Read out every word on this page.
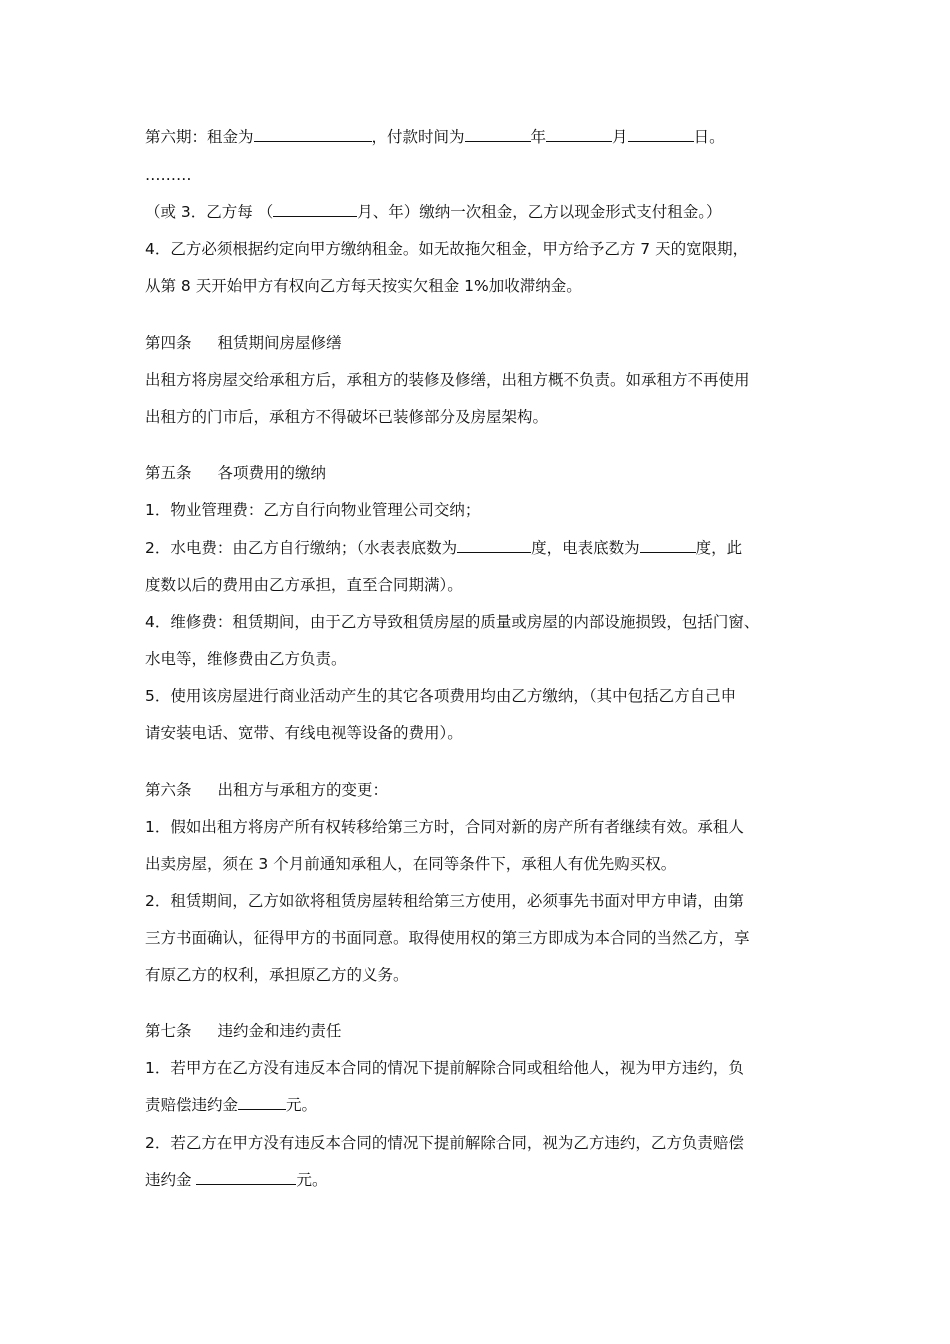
第六期：租金为	，付款时间为	年	月	日。
………
（或 3．乙方每 （	月、年）缴纳一次租金，乙方以现金形式支付租金。）
4．乙方必须根据约定向甲方缴纳租金。如无故拖欠租金，甲方给予乙方 7 天的宽限期，
从第 8 天开始甲方有权向乙方每天按实欠租金 1%加收滞纳金。
第四条 租赁期间房屋修缮
出租方将房屋交给承租方后，承租方的装修及修缮，出租方概不负责。如承租方不再使用
出租方的门市后，承租方不得破坏已装修部分及房屋架构。
第五条 各项费用的缴纳
1．物业管理费：乙方自行向物业管理公司交纳；
2．水电费：由乙方自行缴纳；（水表表底数为	度，电表底数为	度，此
度数以后的费用由乙方承担，直至合同期满）。
4．维修费：租赁期间，由于乙方导致租赁房屋的质量或房屋的内部设施损毁，包括门窗、
水电等，维修费由乙方负责。
5．使用该房屋进行商业活动产生的其它各项费用均由乙方缴纳，（其中包括乙方自己申
请安装电话、宽带、有线电视等设备的费用）。
第六条 出租方与承租方的变更：
1．假如出租方将房产所有权转移给第三方时，合同对新的房产所有者继续有效。承租人
出卖房屋，须在 3 个月前通知承租人，在同等条件下，承租人有优先购买权。
2．租赁期间，乙方如欲将租赁房屋转租给第三方使用，必须事先书面对甲方申请，由第
三方书面确认，征得甲方的书面同意。取得使用权的第三方即成为本合同的当然乙方，享
有原乙方的权利，承担原乙方的义务。
第七条 违约金和违约责任
1．若甲方在乙方没有违反本合同的情况下提前解除合同或租给他人，视为甲方违约，负
责赔偿违约金	元。
2．若乙方在甲方没有违反本合同的情况下提前解除合同，视为乙方违约，乙方负责赔偿
违约金	元。
